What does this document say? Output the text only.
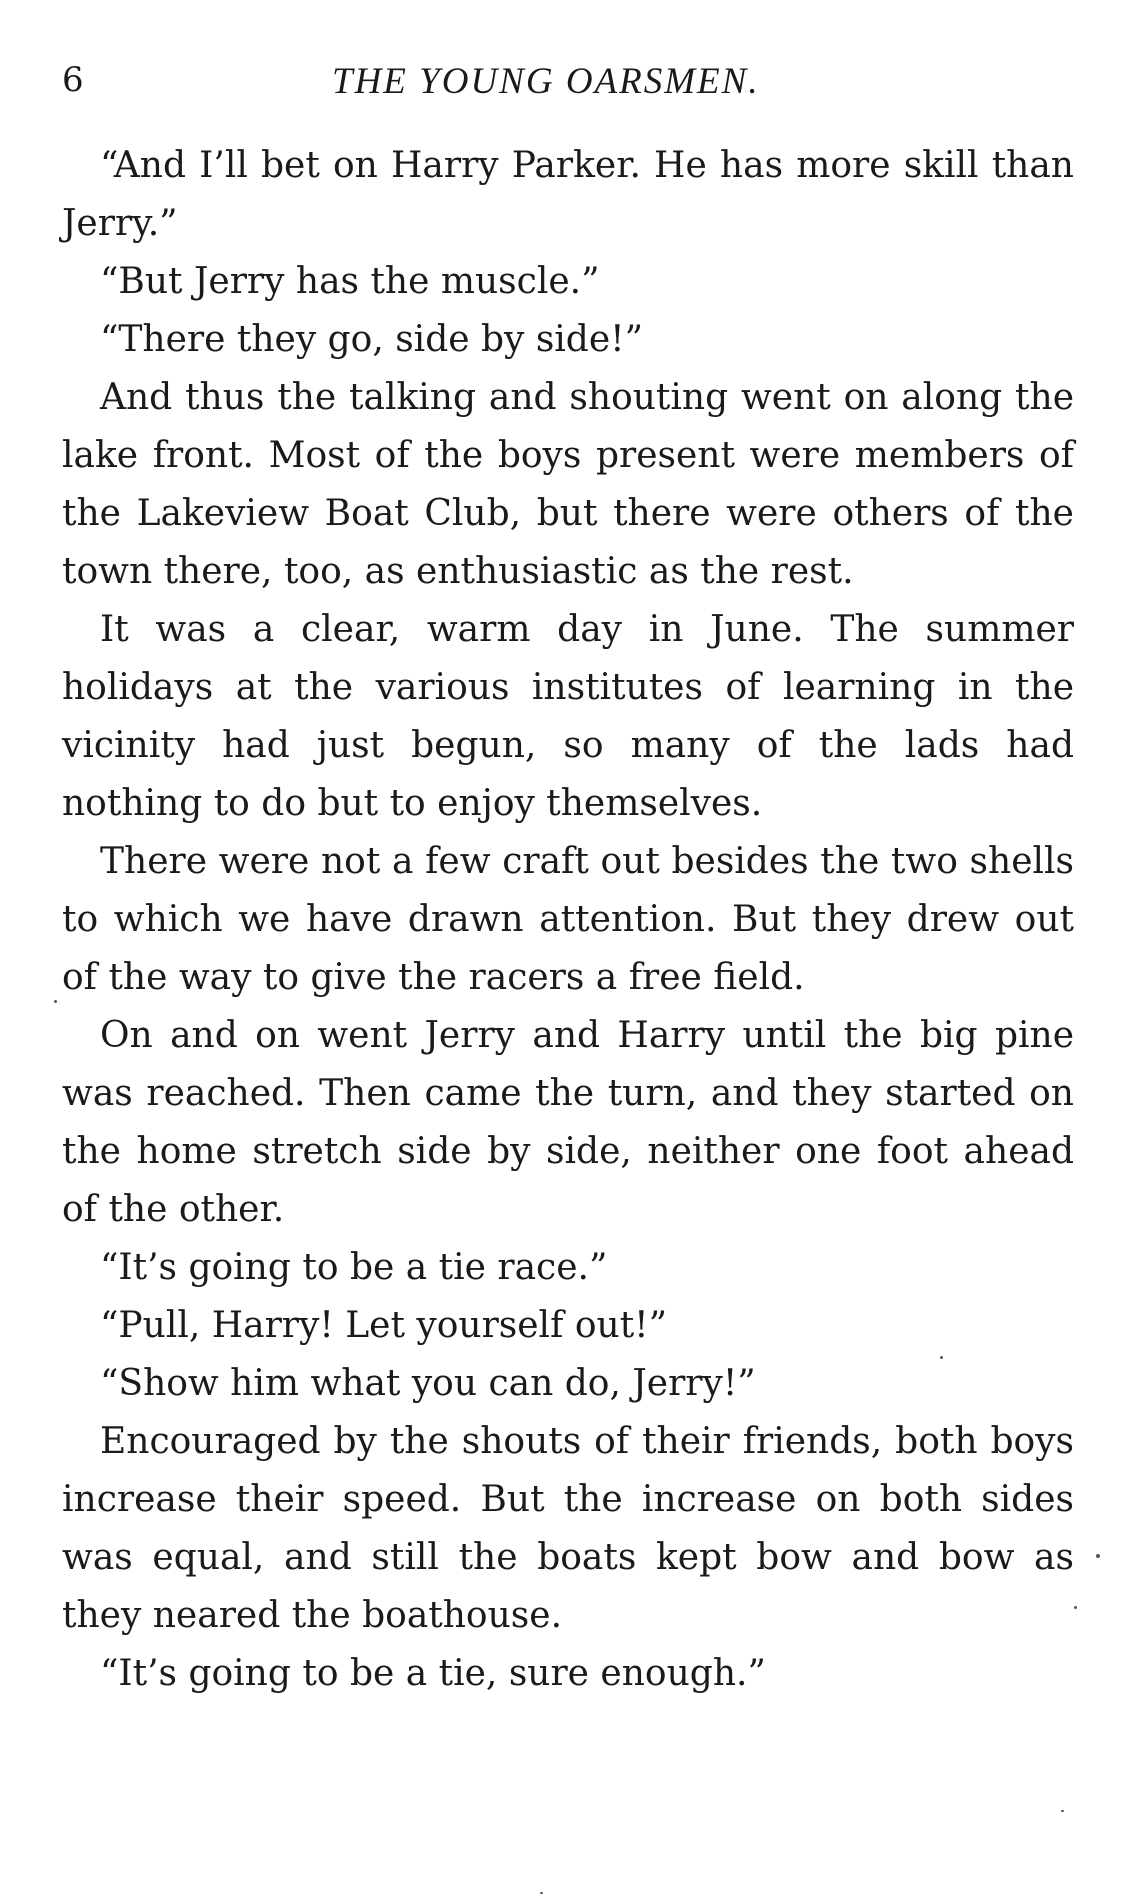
6	THE YOUNG OARSMEN.

“And I’ll bet on Harry Parker. He has more skill than Jerry.”

“But Jerry has the muscle.”

“There they go, side by side!”

And thus the talking and shouting went on along the lake front. Most of the boys present were members of the Lakeview Boat Club, but there were others of the town there, too, as enthusiastic as the rest.

It was a clear, warm day in June. The summer holidays at the various institutes of learning in the vicinity had just begun, so many of the lads had nothing to do but to enjoy themselves.

There were not a few craft out besides the two shells to which we have drawn attention. But they drew out of the way to give the racers a free field.

On and on went Jerry and Harry until the big pine was reached. Then came the turn, and they started on the home stretch side by side, neither one foot ahead of the other.

“It’s going to be a tie race.”

“Pull, Harry! Let yourself out!”

“Show him what you can do, Jerry!”

Encouraged by the shouts of their friends, both boys increase their speed. But the increase on both sides was equal, and still the boats kept bow and bow as they neared the boathouse.

“It’s going to be a tie, sure enough.”
